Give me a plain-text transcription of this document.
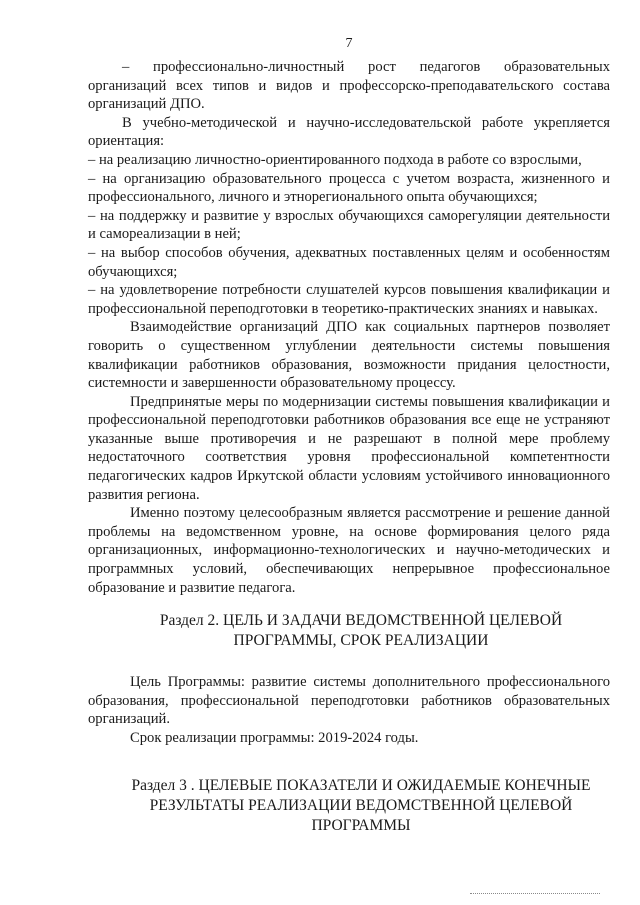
7

– профессионально-личностный рост педагогов образовательных организаций всех типов и видов и профессорско-преподавательского состава организаций ДПО.

В учебно-методической и научно-исследовательской работе укрепляется ориентация:

– на реализацию личностно-ориентированного подхода в работе со взрослыми,

– на организацию образовательного процесса с учетом возраста, жизненного и профессионального, личного и этнорегионального опыта обучающихся;

– на поддержку и развитие у взрослых обучающихся саморегуляции деятельности и самореализации в ней;

– на выбор способов обучения, адекватных поставленных целям и особенностям обучающихся;

– на удовлетворение потребности слушателей курсов повышения квалификации и профессиональной переподготовки в теоретико-практических знаниях и навыках.

Взаимодействие организаций ДПО как социальных партнеров позволяет говорить о существенном углублении деятельности системы повышения квалификации работников образования, возможности придания целостности, системности и завершенности образовательному процессу.

Предпринятые меры по модернизации системы повышения квалификации и профессиональной переподготовки работников образования все еще не устраняют указанные выше противоречия и не разрешают в полной мере проблему недостаточного соответствия уровня профессиональной компетентности педагогических кадров Иркутской области условиям устойчивого инновационного развития региона.

Именно поэтому целесообразным является рассмотрение и решение данной проблемы на ведомственном уровне, на основе формирования целого ряда организационных, информационно-технологических и научно-методических и программных условий, обеспечивающих непрерывное профессиональное образование и развитие педагога.

Раздел 2. ЦЕЛЬ И ЗАДАЧИ ВЕДОМСТВЕННОЙ ЦЕЛЕВОЙ
ПРОГРАММЫ, СРОК РЕАЛИЗАЦИИ

Цель Программы: развитие системы дополнительного профессионального образования, профессиональной переподготовки работников образовательных организаций.

Срок реализации программы: 2019-2024 годы.

Раздел 3 . ЦЕЛЕВЫЕ ПОКАЗАТЕЛИ И ОЖИДАЕМЫЕ КОНЕЧНЫЕ
РЕЗУЛЬТАТЫ РЕАЛИЗАЦИИ ВЕДОМСТВЕННОЙ ЦЕЛЕВОЙ
ПРОГРАММЫ
